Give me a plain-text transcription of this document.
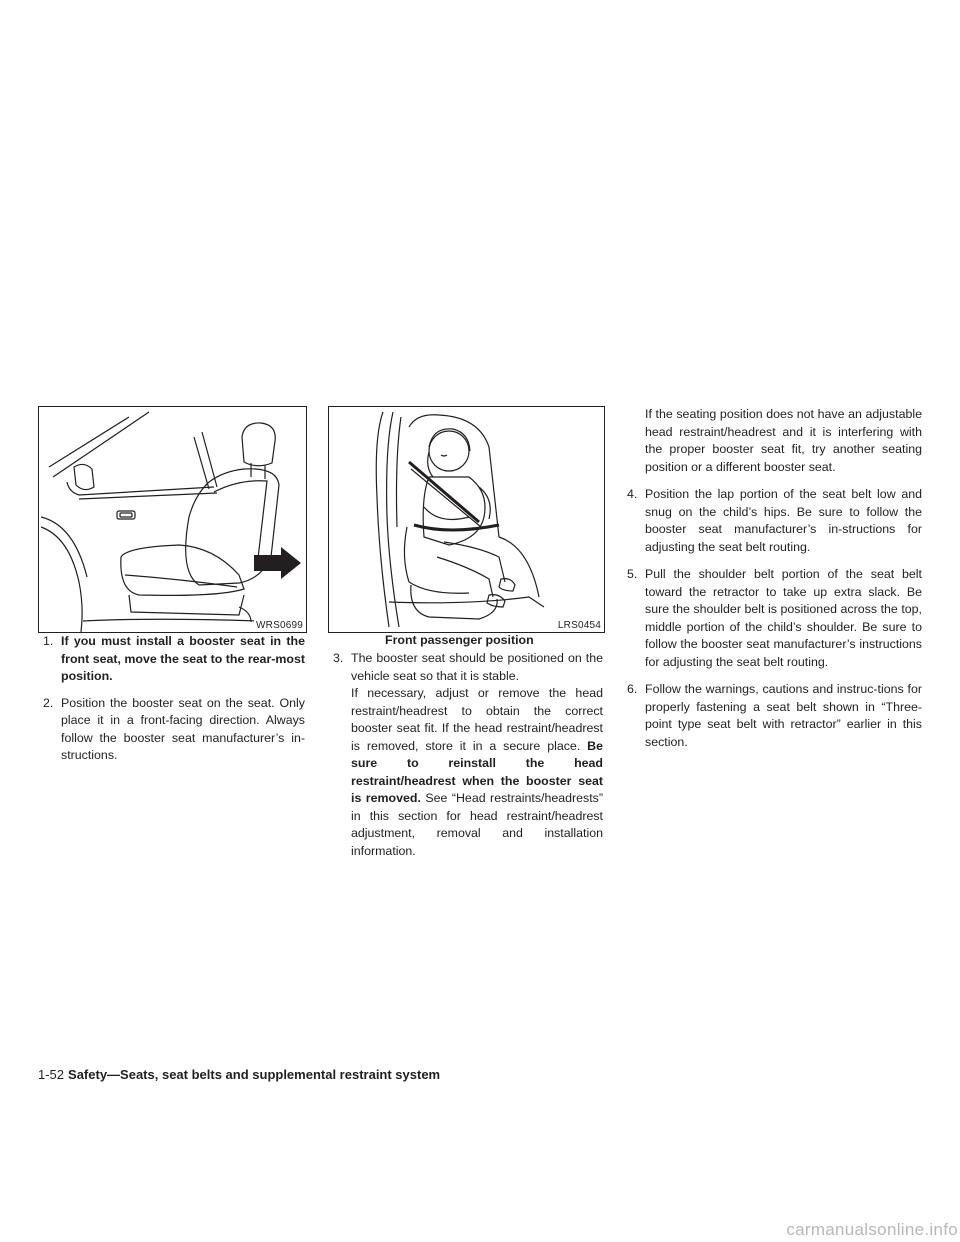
WRS0699	LRS0454
Front passenger position
1. If you must install a booster seat in the front seat, move the seat to the rear-most position.
2. Position the booster seat on the seat. Only place it in a front-facing direction. Always follow the booster seat manufacturer’s in-structions.
3. The booster seat should be positioned on the vehicle seat so that it is stable.

If necessary, adjust or remove the head restraint/headrest to obtain the correct booster seat fit. If the head restraint/headrest is removed, store it in a secure place. Be sure to reinstall the head restraint/headrest when the booster seat is removed. See “Head restraints/headrests” in this section for head restraint/headrest adjustment, removal and installation information.

If the seating position does not have an adjustable head restraint/headrest and it is interfering with the proper booster seat fit, try another seating position or a different booster seat.
4. Position the lap portion of the seat belt low and snug on the child’s hips. Be sure to follow the booster seat manufacturer’s in-structions for adjusting the seat belt routing.
5. Pull the shoulder belt portion of the seat belt toward the retractor to take up extra slack. Be sure the shoulder belt is positioned across the top, middle portion of the child’s shoulder. Be sure to follow the booster seat manufacturer’s instructions for adjusting the seat belt routing.
6. Follow the warnings, cautions and instruc-tions for properly fastening a seat belt shown in “Three-point type seat belt with retractor” earlier in this section.
1-52 Safety—Seats, seat belts and supplemental restraint system
carmanualsonline.info
